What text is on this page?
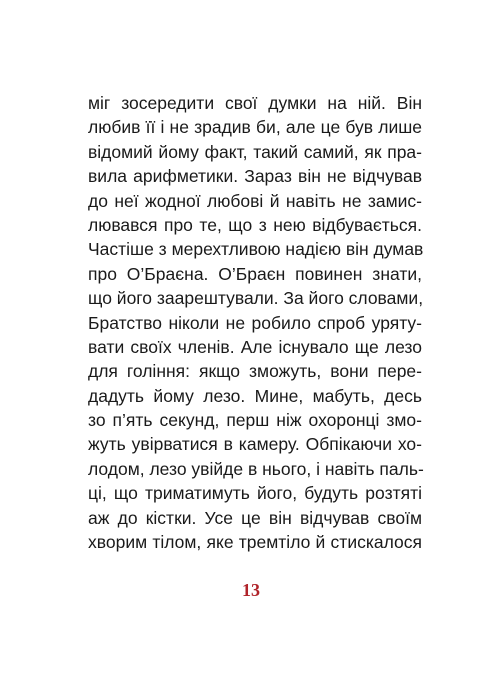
міг зосередити свої думки на ній. Він
любив її і не зрадив би, але це був лише
відомий йому факт, такий самий, як пра-
вила арифметики. Зараз він не відчував
до неї жодної любові й навіть не замис-
лювався про те, що з нею відбувається.
Частіше з мерехтливою надією він думав
про О’Браєна. О’Браєн повинен знати,
що його заарештували. За його словами,
Братство ніколи не робило спроб уряту-
вати своїх членів. Але існувало ще лезо
для гоління: якщо зможуть, вони пере-
дадуть йому лезо. Мине, мабуть, десь
зо п’ять секунд, перш ніж охоронці змо-
жуть увірватися в камеру. Обпікаючи хо-
лодом, лезо увійде в нього, і навіть паль-
ці, що триматимуть його, будуть розтяті
аж до кістки. Усе це він відчував своїм
хворим тілом, яке тремтіло й стискалося
13
